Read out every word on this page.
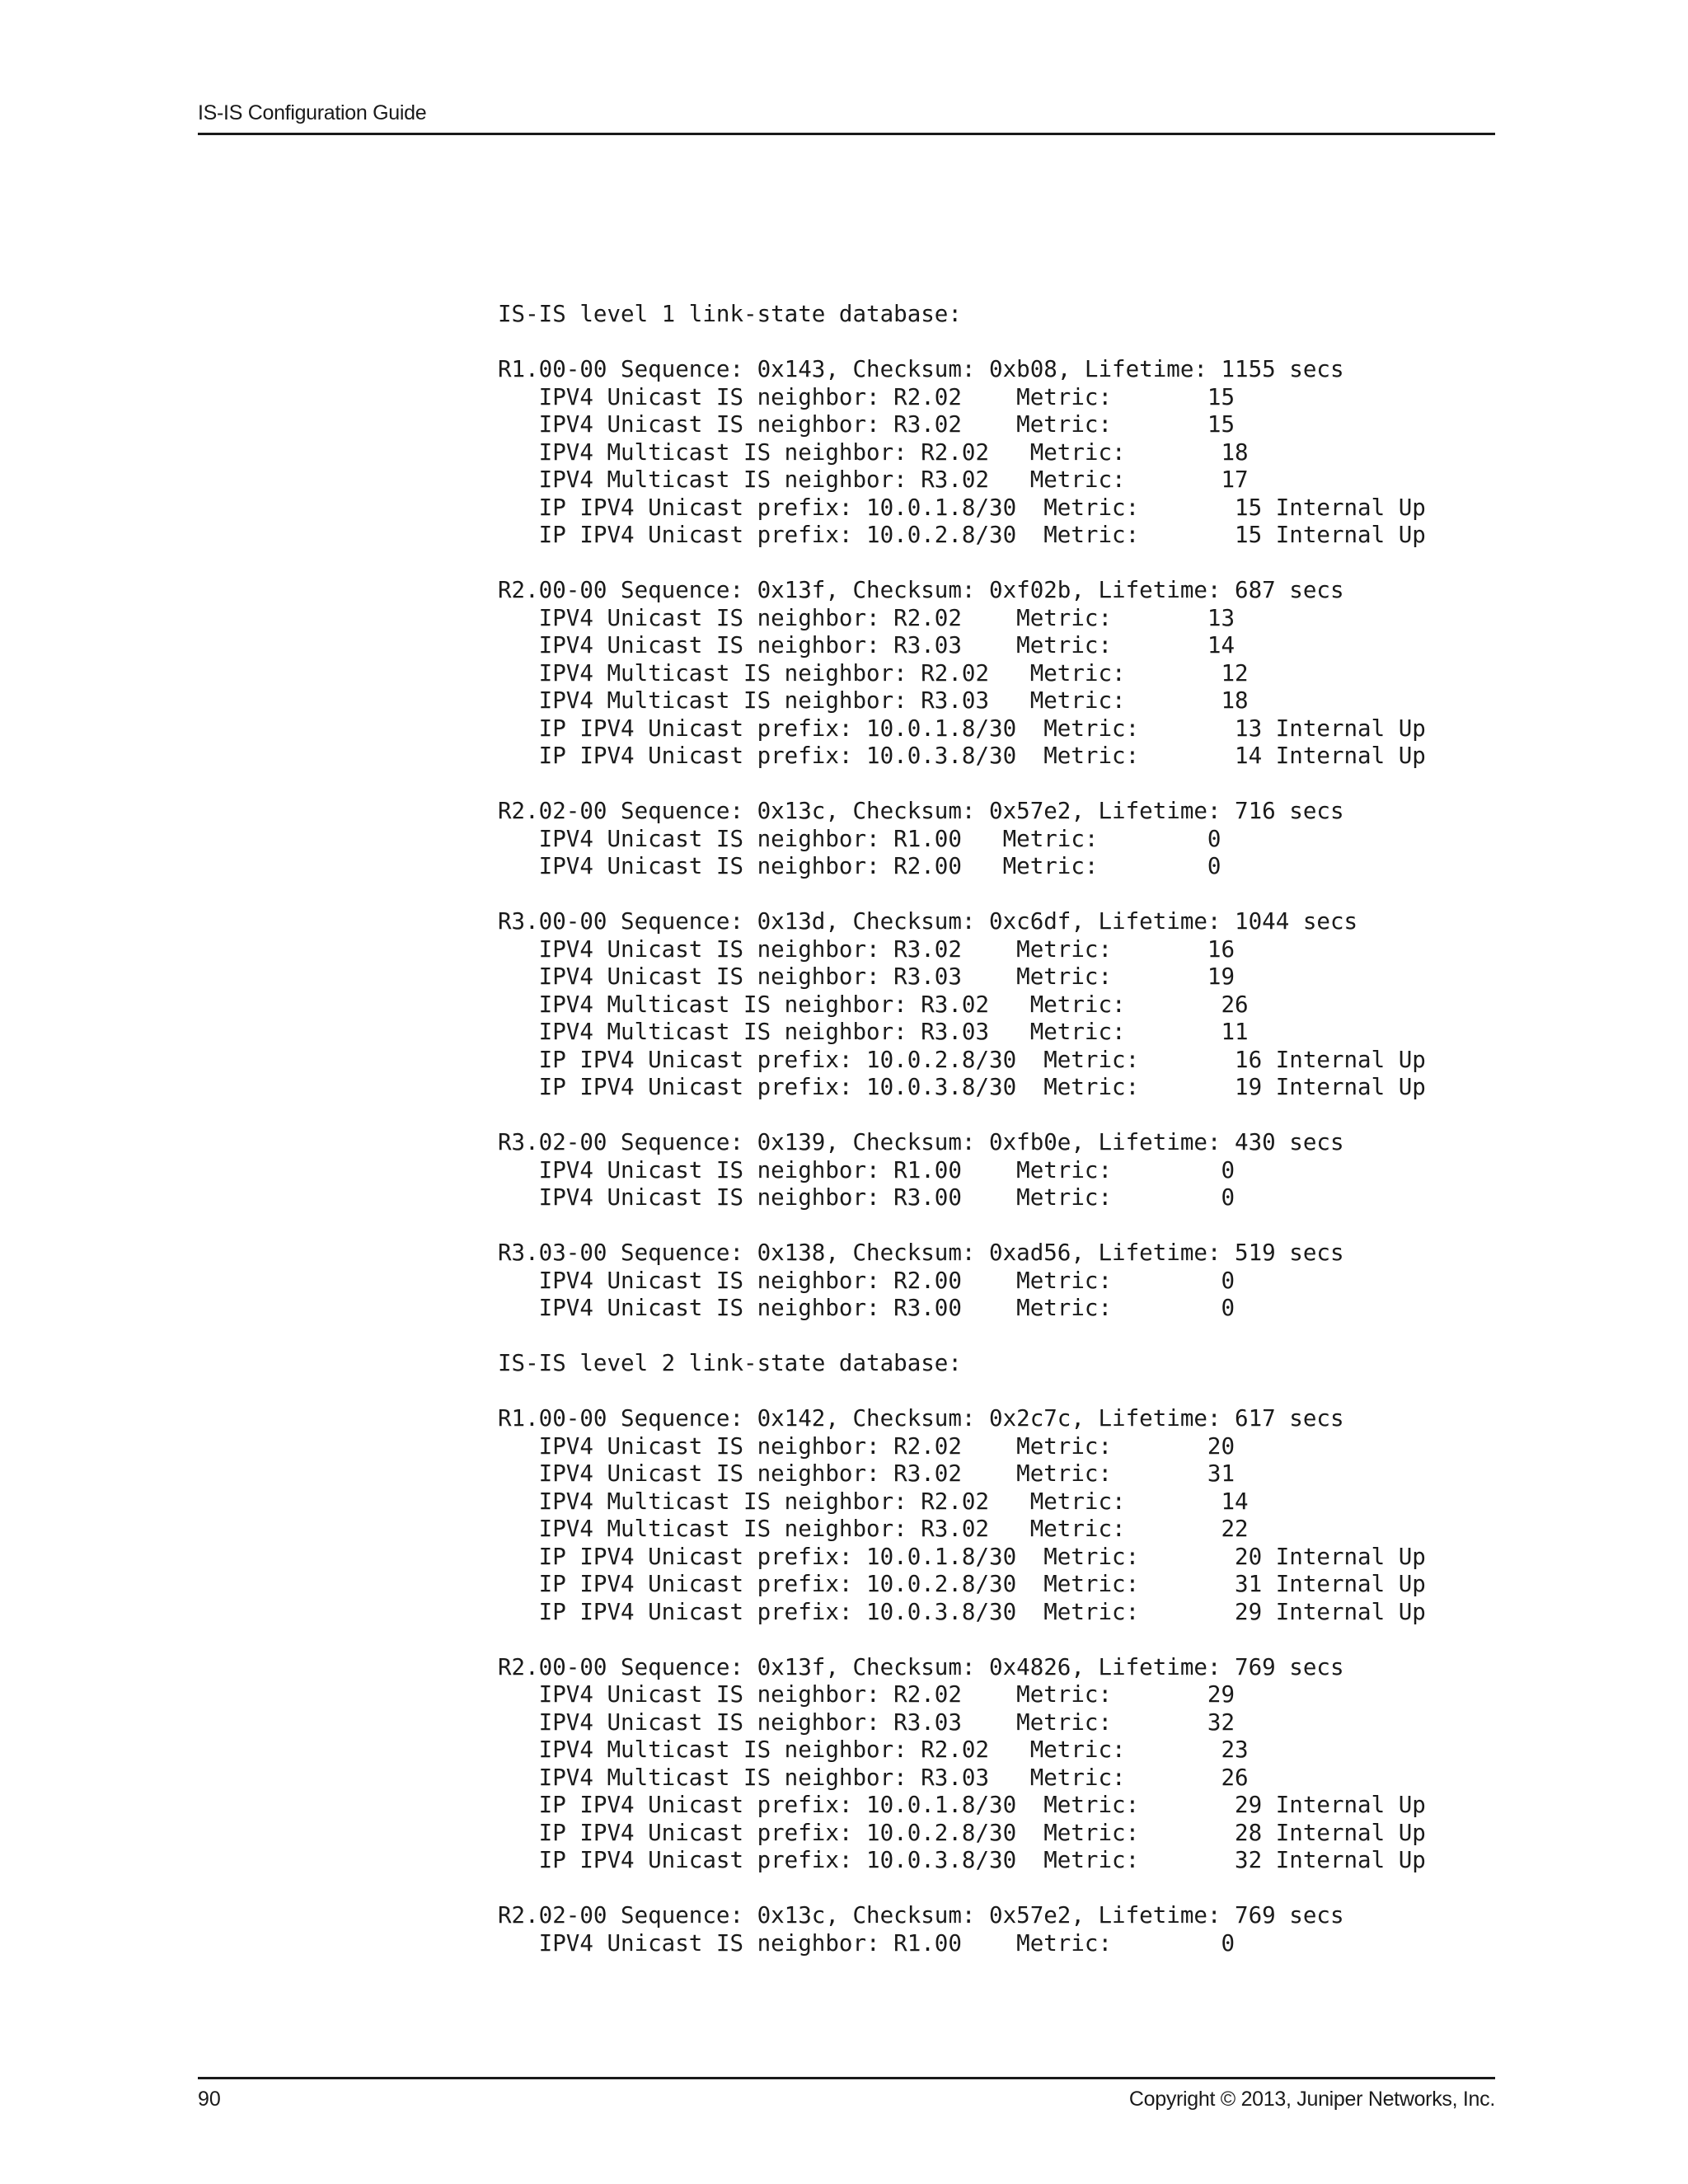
IS-IS Configuration Guide
IS-IS level 1 link-state database:
R1.00-00 Sequence: 0x143, Checksum: 0xb08, Lifetime: 1155 secs
IPV4 Unicast IS neighbor: R2.02    Metric:       15
IPV4 Unicast IS neighbor: R3.02    Metric:       15
IPV4 Multicast IS neighbor: R2.02   Metric:       18
IPV4 Multicast IS neighbor: R3.02   Metric:       17
IP IPV4 Unicast prefix: 10.0.1.8/30  Metric:       15 Internal Up
IP IPV4 Unicast prefix: 10.0.2.8/30  Metric:       15 Internal Up
R2.00-00 Sequence: 0x13f, Checksum: 0xf02b, Lifetime: 687 secs
IPV4 Unicast IS neighbor: R2.02    Metric:       13
IPV4 Unicast IS neighbor: R3.03    Metric:       14
IPV4 Multicast IS neighbor: R2.02   Metric:       12
IPV4 Multicast IS neighbor: R3.03   Metric:       18
IP IPV4 Unicast prefix: 10.0.1.8/30  Metric:       13 Internal Up
IP IPV4 Unicast prefix: 10.0.3.8/30  Metric:       14 Internal Up
R2.02-00 Sequence: 0x13c, Checksum: 0x57e2, Lifetime: 716 secs
IPV4 Unicast IS neighbor: R1.00   Metric:        0
IPV4 Unicast IS neighbor: R2.00   Metric:        0
R3.00-00 Sequence: 0x13d, Checksum: 0xc6df, Lifetime: 1044 secs
IPV4 Unicast IS neighbor: R3.02    Metric:       16
IPV4 Unicast IS neighbor: R3.03    Metric:       19
IPV4 Multicast IS neighbor: R3.02   Metric:       26
IPV4 Multicast IS neighbor: R3.03   Metric:       11
IP IPV4 Unicast prefix: 10.0.2.8/30  Metric:       16 Internal Up
IP IPV4 Unicast prefix: 10.0.3.8/30  Metric:       19 Internal Up
R3.02-00 Sequence: 0x139, Checksum: 0xfb0e, Lifetime: 430 secs
IPV4 Unicast IS neighbor: R1.00    Metric:        0
IPV4 Unicast IS neighbor: R3.00    Metric:        0
R3.03-00 Sequence: 0x138, Checksum: 0xad56, Lifetime: 519 secs
IPV4 Unicast IS neighbor: R2.00    Metric:        0
IPV4 Unicast IS neighbor: R3.00    Metric:        0
IS-IS level 2 link-state database:
R1.00-00 Sequence: 0x142, Checksum: 0x2c7c, Lifetime: 617 secs
IPV4 Unicast IS neighbor: R2.02    Metric:       20
IPV4 Unicast IS neighbor: R3.02    Metric:       31
IPV4 Multicast IS neighbor: R2.02   Metric:       14
IPV4 Multicast IS neighbor: R3.02   Metric:       22
IP IPV4 Unicast prefix: 10.0.1.8/30  Metric:       20 Internal Up
IP IPV4 Unicast prefix: 10.0.2.8/30  Metric:       31 Internal Up
IP IPV4 Unicast prefix: 10.0.3.8/30  Metric:       29 Internal Up
R2.00-00 Sequence: 0x13f, Checksum: 0x4826, Lifetime: 769 secs
IPV4 Unicast IS neighbor: R2.02    Metric:       29
IPV4 Unicast IS neighbor: R3.03    Metric:       32
IPV4 Multicast IS neighbor: R2.02   Metric:       23
IPV4 Multicast IS neighbor: R3.03   Metric:       26
IP IPV4 Unicast prefix: 10.0.1.8/30  Metric:       29 Internal Up
IP IPV4 Unicast prefix: 10.0.2.8/30  Metric:       28 Internal Up
IP IPV4 Unicast prefix: 10.0.3.8/30  Metric:       32 Internal Up
R2.02-00 Sequence: 0x13c, Checksum: 0x57e2, Lifetime: 769 secs
IPV4 Unicast IS neighbor: R1.00    Metric:        0
90	Copyright © 2013, Juniper Networks, Inc.
